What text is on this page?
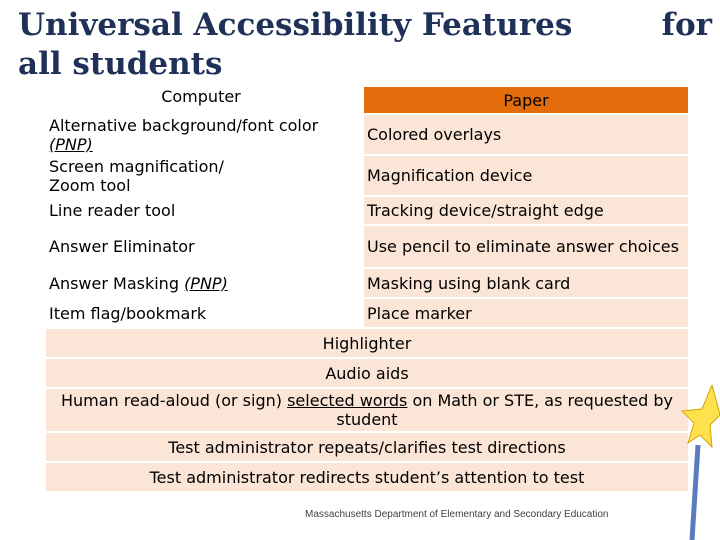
Universal Accessibility Features	for
all students
Computer		Paper
Alternative background/font color
(PNP)		Colored overlays
Screen magnification/
Zoom tool		Magnification device
Line reader tool		Tracking device/straight edge
Answer Eliminator		Use pencil to eliminate answer choices
Answer Masking (PNP)		Masking using blank card
Item flag/bookmark		Place marker
Highlighter		
Audio aids		
Human read-aloud (or sign) selected words on Math or STE, as requested by student		
Test administrator repeats/clarifies test directions		
Test administrator redirects student’s attention to test		
Massachusetts Department of Elementary and Secondary Education
